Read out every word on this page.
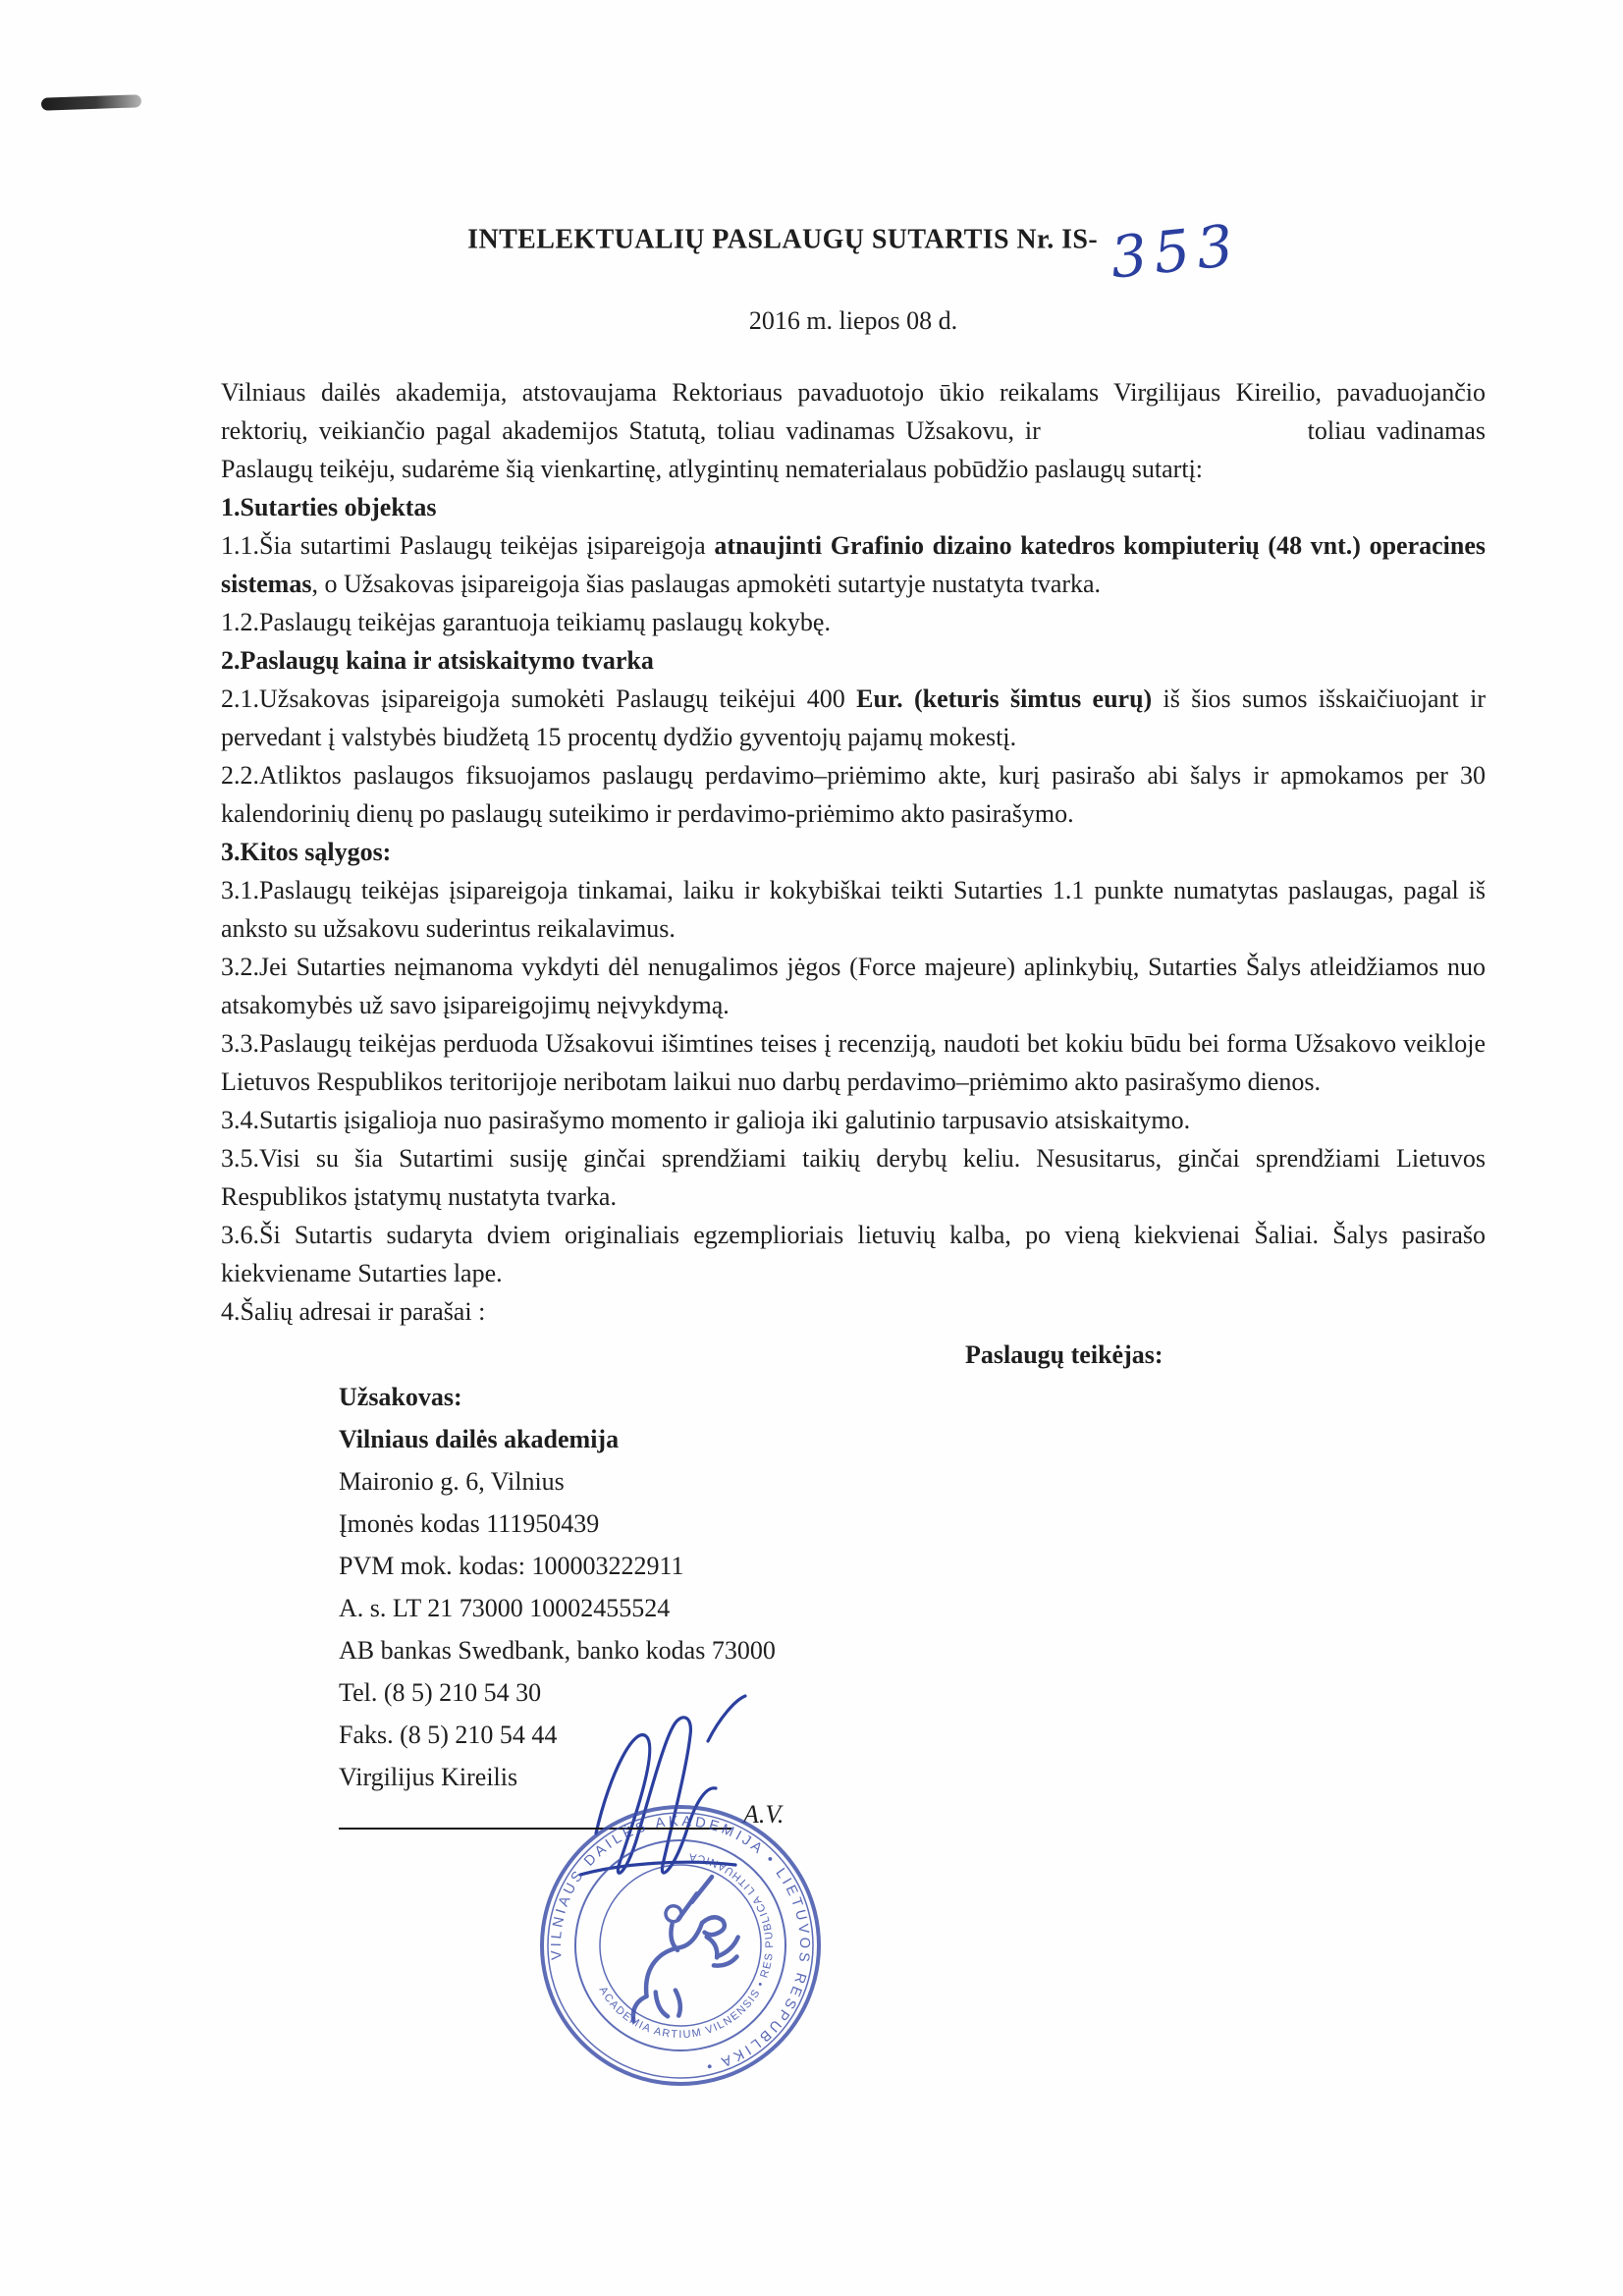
INTELEKTUALIŲ PASLAUGŲ SUTARTIS Nr. IS- 353
2016 m. liepos 08 d.
Vilniaus dailės akademija, atstovaujama Rektoriaus pavaduotojo ūkio reikalams Virgilijaus Kireilio, pavaduojančio rektorių, veikiančio pagal akademijos Statutą, toliau vadinamas Užsakovu, ir	toliau vadinamas Paslaugų teikėju, sudarėme šią vienkartinę, atlygintinų nematerialaus pobūdžio paslaugų sutartį:
1.Sutarties objektas
1.1.Šia sutartimi Paslaugų teikėjas įsipareigoja atnaujinti Grafinio dizaino katedros kompiuterių (48 vnt.) operacines sistemas, o Užsakovas įsipareigoja šias paslaugas apmokėti sutartyje nustatyta tvarka.
1.2.Paslaugų teikėjas garantuoja teikiamų paslaugų kokybę.
2.Paslaugų kaina ir atsiskaitymo tvarka
2.1.Užsakovas įsipareigoja sumokėti Paslaugų teikėjui 400 Eur. (keturis šimtus eurų) iš šios sumos išskaičiuojant ir pervedant į valstybės biudžetą 15 procentų dydžio gyventojų pajamų mokestį.
2.2.Atliktos paslaugos fiksuojamos paslaugų perdavimo–priėmimo akte, kurį pasirašo abi šalys ir apmokamos per 30 kalendorinių dienų po paslaugų suteikimo ir perdavimo-priėmimo akto pasirašymo.
3.Kitos sąlygos:
3.1.Paslaugų teikėjas įsipareigoja tinkamai, laiku ir kokybiškai teikti Sutarties 1.1 punkte numatytas paslaugas, pagal iš anksto su užsakovu suderintus reikalavimus.
3.2.Jei Sutarties neįmanoma vykdyti dėl nenugalimos jėgos (Force majeure) aplinkybių, Sutarties Šalys atleidžiamos nuo atsakomybės už savo įsipareigojimų neįvykdymą.
3.3.Paslaugų teikėjas perduoda Užsakovui išimtines teises į recenziją, naudoti bet kokiu būdu bei forma Užsakovo veikloje Lietuvos Respublikos teritorijoje neribotam laikui nuo darbų perdavimo–priėmimo akto pasirašymo dienos.
3.4.Sutartis įsigalioja nuo pasirašymo momento ir galioja iki galutinio tarpusavio atsiskaitymo.
3.5.Visi su šia Sutartimi susiję ginčai sprendžiami taikių derybų keliu. Nesusitarus, ginčai sprendžiami Lietuvos Respublikos įstatymų nustatyta tvarka.
3.6.Ši Sutartis sudaryta dviem originaliais egzemplioriais lietuvių kalba, po vieną kiekvienai Šaliai. Šalys pasirašo kiekviename Sutarties lape.
4.Šalių adresai ir parašai :
Paslaugų teikėjas:
Užsakovas:
Vilniaus dailės akademija
Maironio g. 6, Vilnius
Įmonės kodas 111950439
PVM mok. kodas: 100003222911
A. s. LT 21 73000 10002455524
AB bankas Swedbank, banko kodas 73000
Tel. (8 5) 210 54 30
Faks. (8 5) 210 54 44
Virgilijus Kireilis
A.V.
VILNIAUS DAILĖS AKADEMIJA • LIETUVOS RESPUBLIKA •
ACADEMIA ARTIUM VILNENSIS • RES PUBLICA LITHUANICA
